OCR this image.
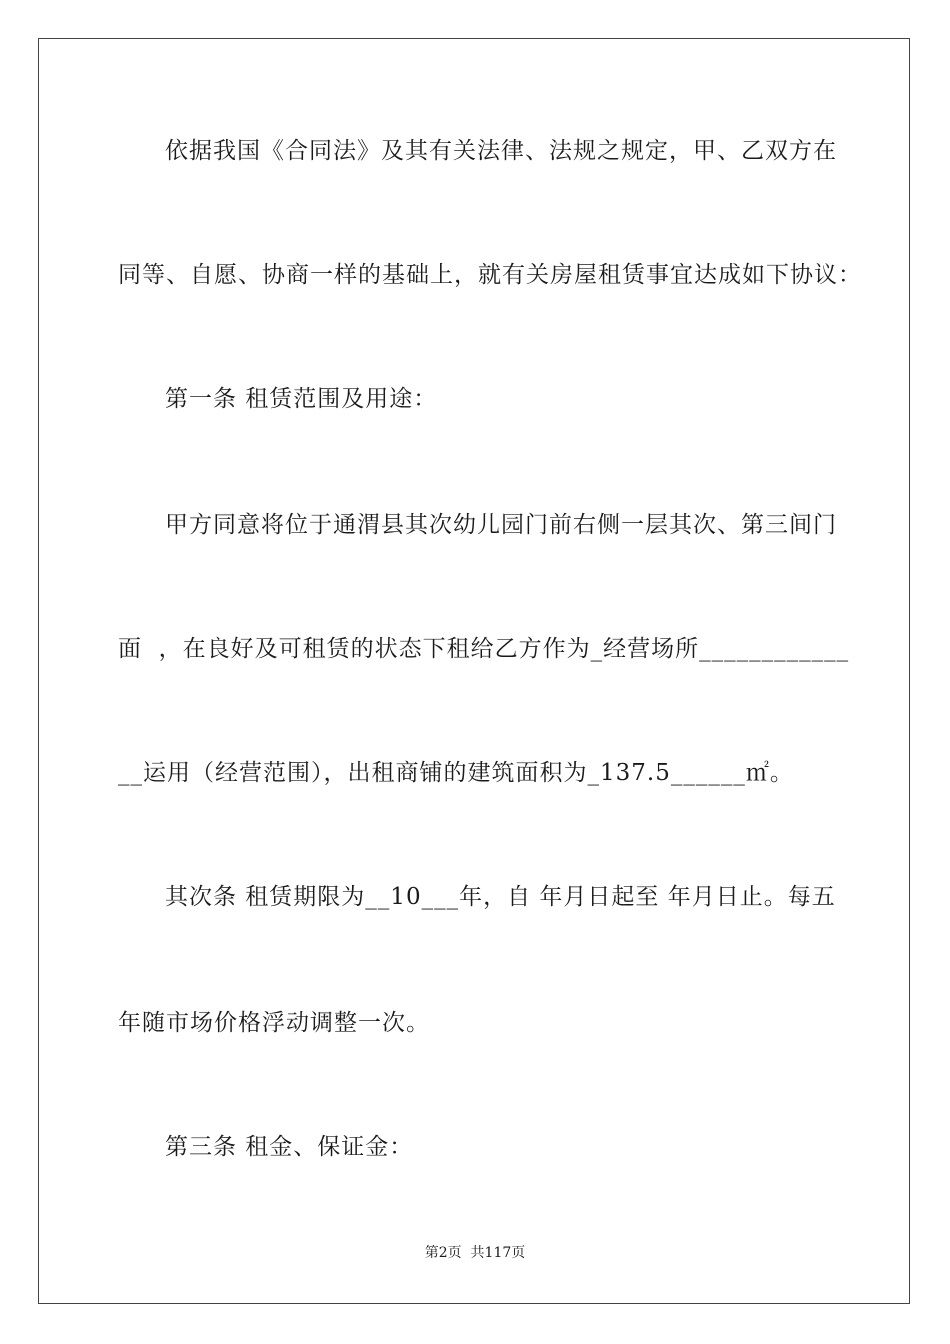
依据我国《合同法》及其有关法律、法规之规定，甲、乙双方在
同等、自愿、协商一样的基础上，就有关房屋租赁事宜达成如下协议：
第一条 租赁范围及用途：
甲方同意将位于通渭县其次幼儿园门前右侧一层其次、第三间门
面  ，在良好及可租赁的状态下租给乙方作为_经营场所____________
__运用（经营范围），出租商铺的建筑面积为_137.5______㎡。
其次条 租赁期限为__10___年，自 年月日起至 年月日止。每五
年随市场价格浮动调整一次。
第三条 租金、保证金：
第2页  共117页
